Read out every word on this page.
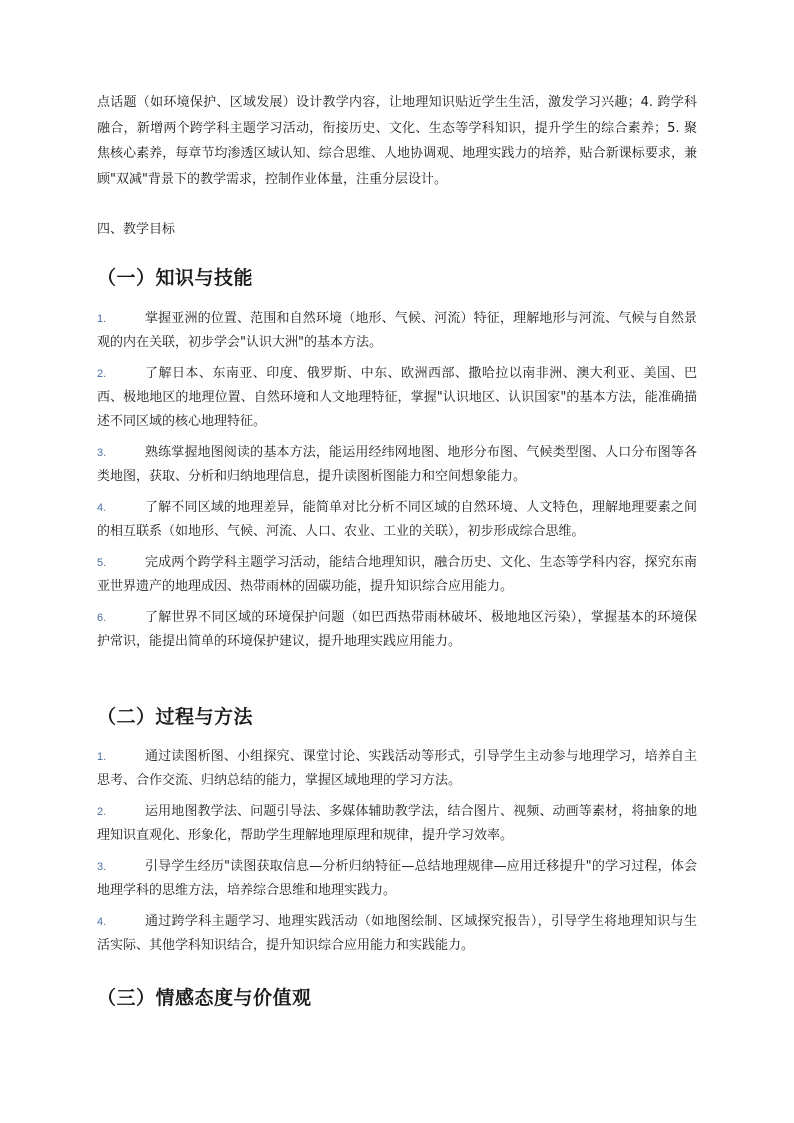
点话题（如环境保护、区域发展）设计教学内容，让地理知识贴近学生生活，激发学习兴趣；4. 跨学科融合，新增两个跨学科主题学习活动，衔接历史、文化、生态等学科知识，提升学生的综合素养；5. 聚焦核心素养，每章节均渗透区域认知、综合思维、人地协调观、地理实践力的培养，贴合新课标要求，兼顾"双减"背景下的教学需求，控制作业体量，注重分层设计。

四、教学目标

（一）知识与技能
1.	掌握亚洲的位置、范围和自然环境（地形、气候、河流）特征，理解地形与河流、气候与自然景观的内在关联，初步学会"认识大洲"的基本方法。
2.	了解日本、东南亚、印度、俄罗斯、中东、欧洲西部、撒哈拉以南非洲、澳大利亚、美国、巴西、极地地区的地理位置、自然环境和人文地理特征，掌握"认识地区、认识国家"的基本方法，能准确描述不同区域的核心地理特征。
3.	熟练掌握地图阅读的基本方法，能运用经纬网地图、地形分布图、气候类型图、人口分布图等各类地图，获取、分析和归纳地理信息，提升读图析图能力和空间想象能力。
4.	了解不同区域的地理差异，能简单对比分析不同区域的自然环境、人文特色，理解地理要素之间的相互联系（如地形、气候、河流、人口、农业、工业的关联），初步形成综合思维。
5.	完成两个跨学科主题学习活动，能结合地理知识，融合历史、文化、生态等学科内容，探究东南亚世界遗产的地理成因、热带雨林的固碳功能，提升知识综合应用能力。
6.	了解世界不同区域的环境保护问题（如巴西热带雨林破坏、极地地区污染），掌握基本的环境保护常识，能提出简单的环境保护建议，提升地理实践应用能力。
（二）过程与方法
1.	通过读图析图、小组探究、课堂讨论、实践活动等形式，引导学生主动参与地理学习，培养自主思考、合作交流、归纳总结的能力，掌握区域地理的学习方法。
2.	运用地图教学法、问题引导法、多媒体辅助教学法，结合图片、视频、动画等素材，将抽象的地理知识直观化、形象化，帮助学生理解地理原理和规律，提升学习效率。
3.	引导学生经历"读图获取信息—分析归纳特征—总结地理规律—应用迁移提升"的学习过程，体会地理学科的思维方法，培养综合思维和地理实践力。
4.	通过跨学科主题学习、地理实践活动（如地图绘制、区域探究报告），引导学生将地理知识与生活实际、其他学科知识结合，提升知识综合应用能力和实践能力。
（三）情感态度与价值观
